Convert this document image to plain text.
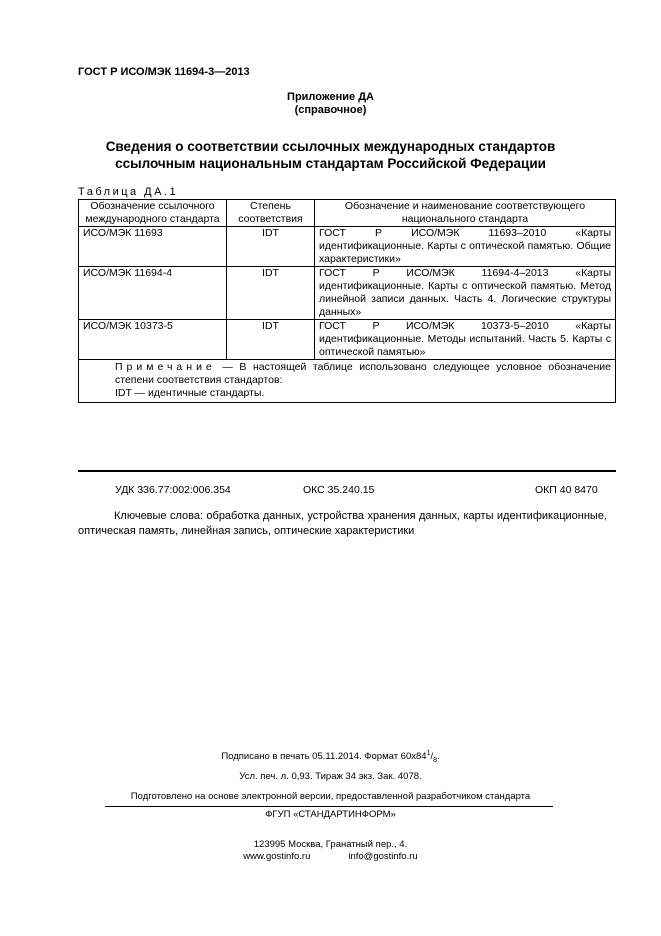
ГОСТ Р ИСО/МЭК 11694-3—2013
Приложение ДА
(справочное)
Сведения о соответствии ссылочных международных стандартов
ссылочным национальным стандартам Российской Федерации
Таблица ДА.1
Обозначение ссылочного международного стандарта	Степень соответствия	Обозначение и наименование соответствующего национального стандарта
ИСО/МЭК 11693	IDT	ГОСТ Р ИСО/МЭК 11693–2010 «Карты идентификационные. Карты с оптической памятью. Общие характеристики»
ИСО/МЭК 11694-4	IDT	ГОСТ Р ИСО/МЭК 11694-4–2013 «Карты идентификационные. Карты с оптической памятью. Метод линейной записи данных. Часть 4. Логические структуры данных»
ИСО/МЭК 10373-5	IDT	ГОСТ Р ИСО/МЭК 10373-5–2010 «Карты идентификационные. Методы испытаний. Часть 5. Карты с оптической памятью»

Примечание — В настоящей таблице использовано следующее условное обозначение степени соответствия стандартов:
IDT — идентичные стандарты.		
УДК 336.77:002:006.354	ОКС 35.240.15	ОКП 40 8470
Ключевые слова: обработка данных, устройства хранения данных, карты идентификационные, оптическая память, линейная запись, оптические характеристики
Подписано в печать 05.11.2014. Формат $60х84^1/_8$.
Усл. печ. л. 0,93. Тираж 34 экз. Зак. 4078.
Подготовлено на основе электронной версии, предоставленной разработчиком стандарта
ФГУП «СТАНДАРТИНФОРМ»
123995 Москва, Гранатный пер., 4.
www.gostinfo.ru	info@gostinfo.ru
